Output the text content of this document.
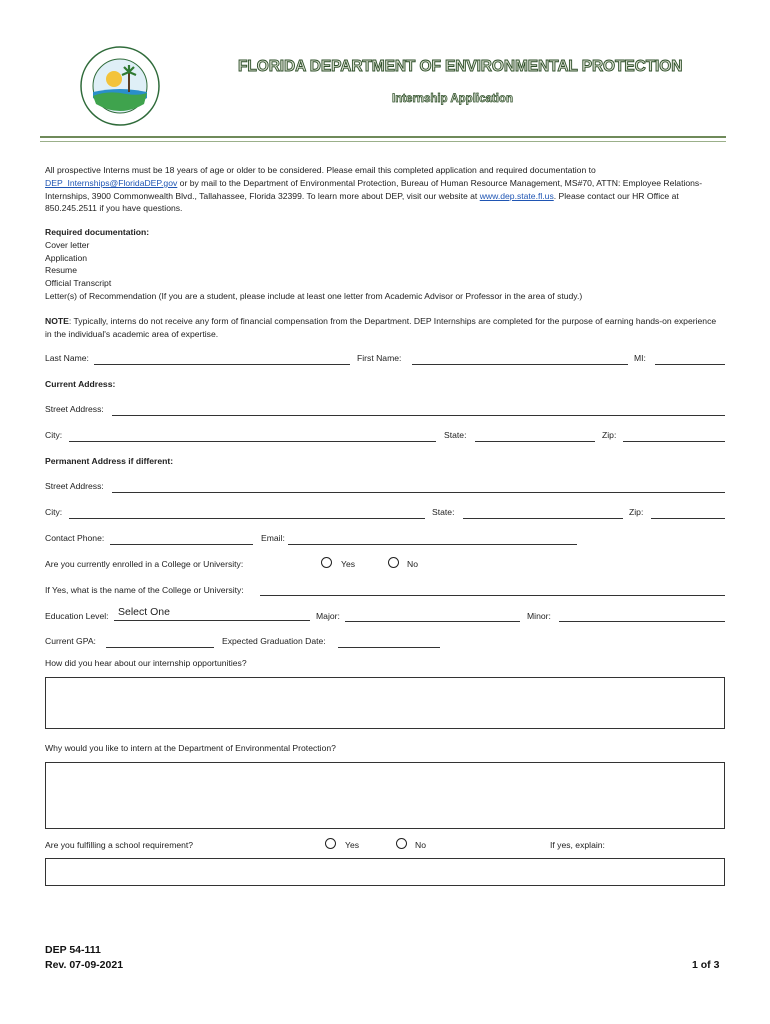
FLORIDA DEPARTMENT OF ENVIRONMENTAL PROTECTION
Internship Application
All prospective Interns must be 18 years of age or older to be considered. Please email this completed application and required documentation to DEP_Internships@FloridaDEP.gov or by mail to the Department of Environmental Protection, Bureau of Human Resource Management, MS#70, ATTN: Employee Relations- Internships, 3900 Commonwealth Blvd., Tallahassee, Florida 32399. To learn more about DEP, visit our website at www.dep.state.fl.us. Please contact our HR Office at 850.245.2511 if you have questions.
Required documentation:
Cover letter
Application
Resume
Official Transcript
Letter(s) of Recommendation (If you are a student, please include at least one letter from Academic Advisor or Professor in the area of study.)
NOTE: Typically, interns do not receive any form of financial compensation from the Department. DEP Internships are completed for the purpose of earning hands-on experience in the individual's academic area of expertise.
Last Name:	First Name:	MI:
Current Address:
Street Address:
City:	State:	Zip:
Permanent Address if different:
Street Address:
City:	State:	Zip:
Contact Phone:	Email:
Are you currently enrolled in a College or University:	Yes	No
If Yes, what is the name of the College or University:
Education Level: Select One	Major:	Minor:
Current GPA:	Expected Graduation Date:
How did you hear about our internship opportunities?
Why would you like to intern at the Department of Environmental Protection?
Are you fulfilling a school requirement?	Yes	No	If yes, explain:
DEP 54-111
Rev. 07-09-2021	1 of 3
